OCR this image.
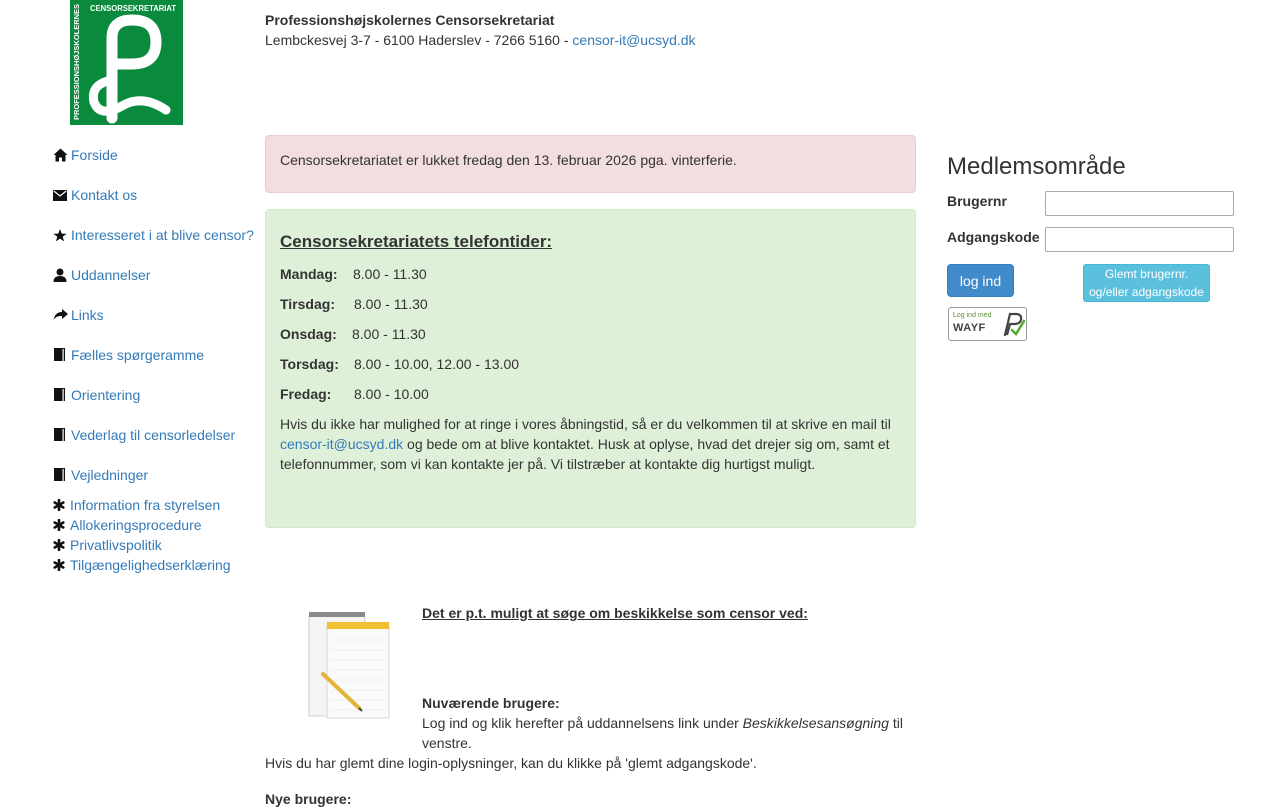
PROFESSIONSHØJSKOLERNES CENSORSEKRETARIAT
Professionshøjskolernes Censorsekretariat
Lembckesvej 3-7 - 6100 Haderslev - 7266 5160 - censor-it@ucsyd.dk
Forside
Kontakt os
Interesseret i at blive censor?
Uddannelser
Links
Fælles spørgeramme
Orientering
Vederlag til censorledelser
Vejledninger
Information fra styrelsen
Allokeringsprocedure
Privatlivspolitik
Tilgængelighedserklæring
Censorsekretariatet er lukket fredag den 13. februar 2026 pga. vinterferie.
Censorsekretariatets telefontider:
Mandag:	8.00 - 11.30
Tirsdag:	8.00 - 11.30
Onsdag:	8.00 - 11.30
Torsdag:	8.00 - 10.00, 12.00 - 13.00
Fredag:	8.00 - 10.00
Hvis du ikke har mulighed for at ringe i vores åbningstid, så er du velkommen til at skrive en mail til censor-it@ucsyd.dk og bede om at blive kontaktet. Husk at oplyse, hvad det drejer sig om, samt et telefonnummer, som vi kan kontakte jer på. Vi tilstræber at kontakte dig hurtigst muligt.
Medlemsområde
Brugernr
Adgangskode
log ind	Glemt brugernr.
og/eller adgangskode
Log ind med
WAYF
Det er p.t. muligt at søge om beskikkelse som censor ved:
Nuværende brugere:
Log ind og klik herefter på uddannelsens link under Beskikkelsesansøgning til venstre.
Hvis du har glemt dine login-oplysninger, kan du klikke på 'glemt adgangskode'.
Nye brugere:
